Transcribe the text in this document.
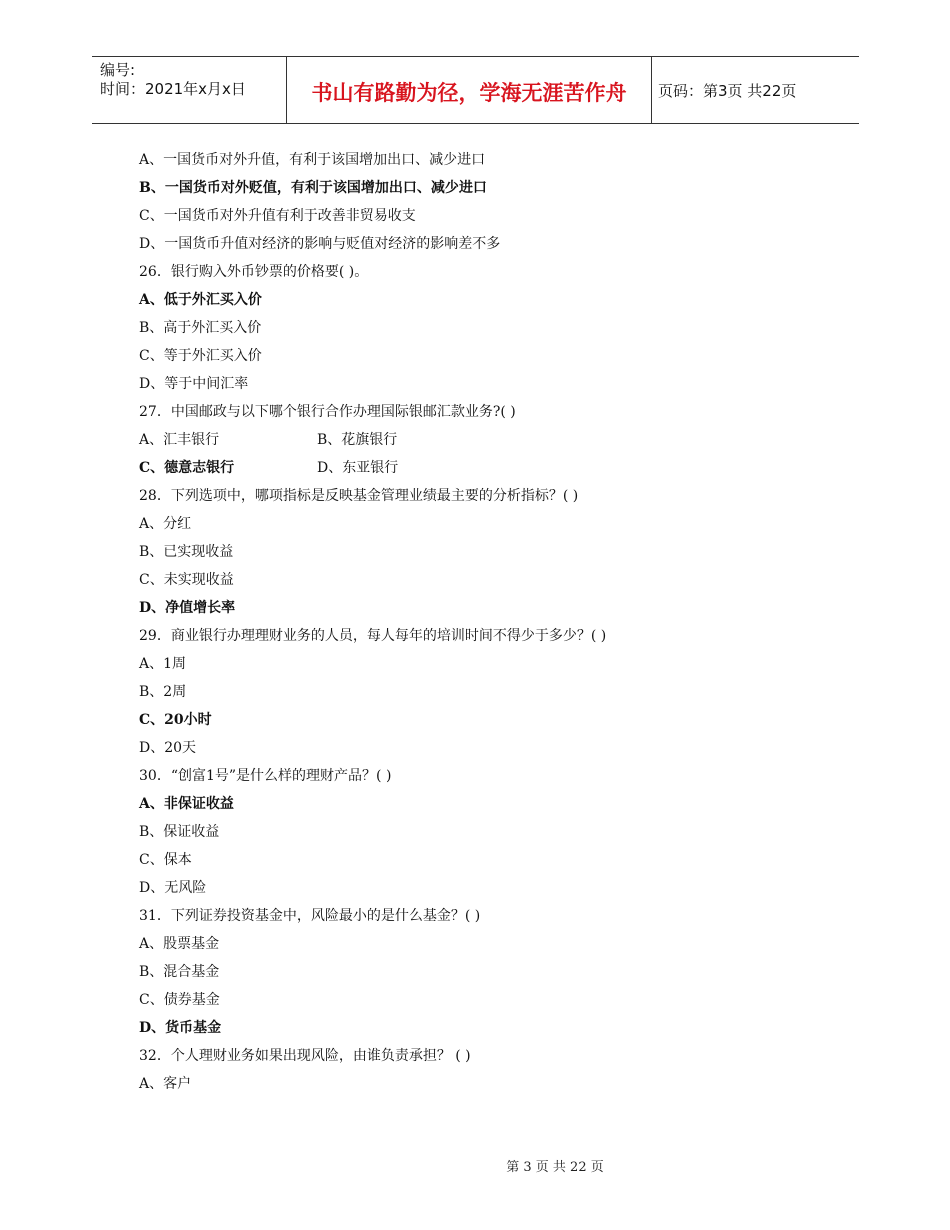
编号:
时间：2021年x月x日	书山有路勤为径，学海无涯苦作舟	页码：第3页 共22页
A、一国货币对外升值，有利于该国增加出口、减少进口
B、一国货币对外贬值，有利于该国增加出口、减少进口
C、一国货币对外升值有利于改善非贸易收支
D、一国货币升值对经济的影响与贬值对经济的影响差不多
26．银行购入外币钞票的价格要( )。
A、低于外汇买入价
B、高于外汇买入价
C、等于外汇买入价
D、等于中间汇率
27．中国邮政与以下哪个银行合作办理国际银邮汇款业务?( )
A、汇丰银行	B、花旗银行
C、德意志银行	D、东亚银行
28．下列选项中，哪项指标是反映基金管理业绩最主要的分析指标？( )
A、分红
B、已实现收益
C、未实现收益
D、净值增长率
29．商业银行办理理财业务的人员，每人每年的培训时间不得少于多少？( )
A、1周
B、2周
C、20小时
D、20天
30．“创富1号”是什么样的理财产品？( )
A、非保证收益
B、保证收益
C、保本
D、无风险
31．下列证券投资基金中，风险最小的是什么基金？( )
A、股票基金
B、混合基金
C、债券基金
D、货币基金
32．个人理财业务如果出现风险，由谁负责承担？ ( )
A、客户
第 3 页 共 22 页
